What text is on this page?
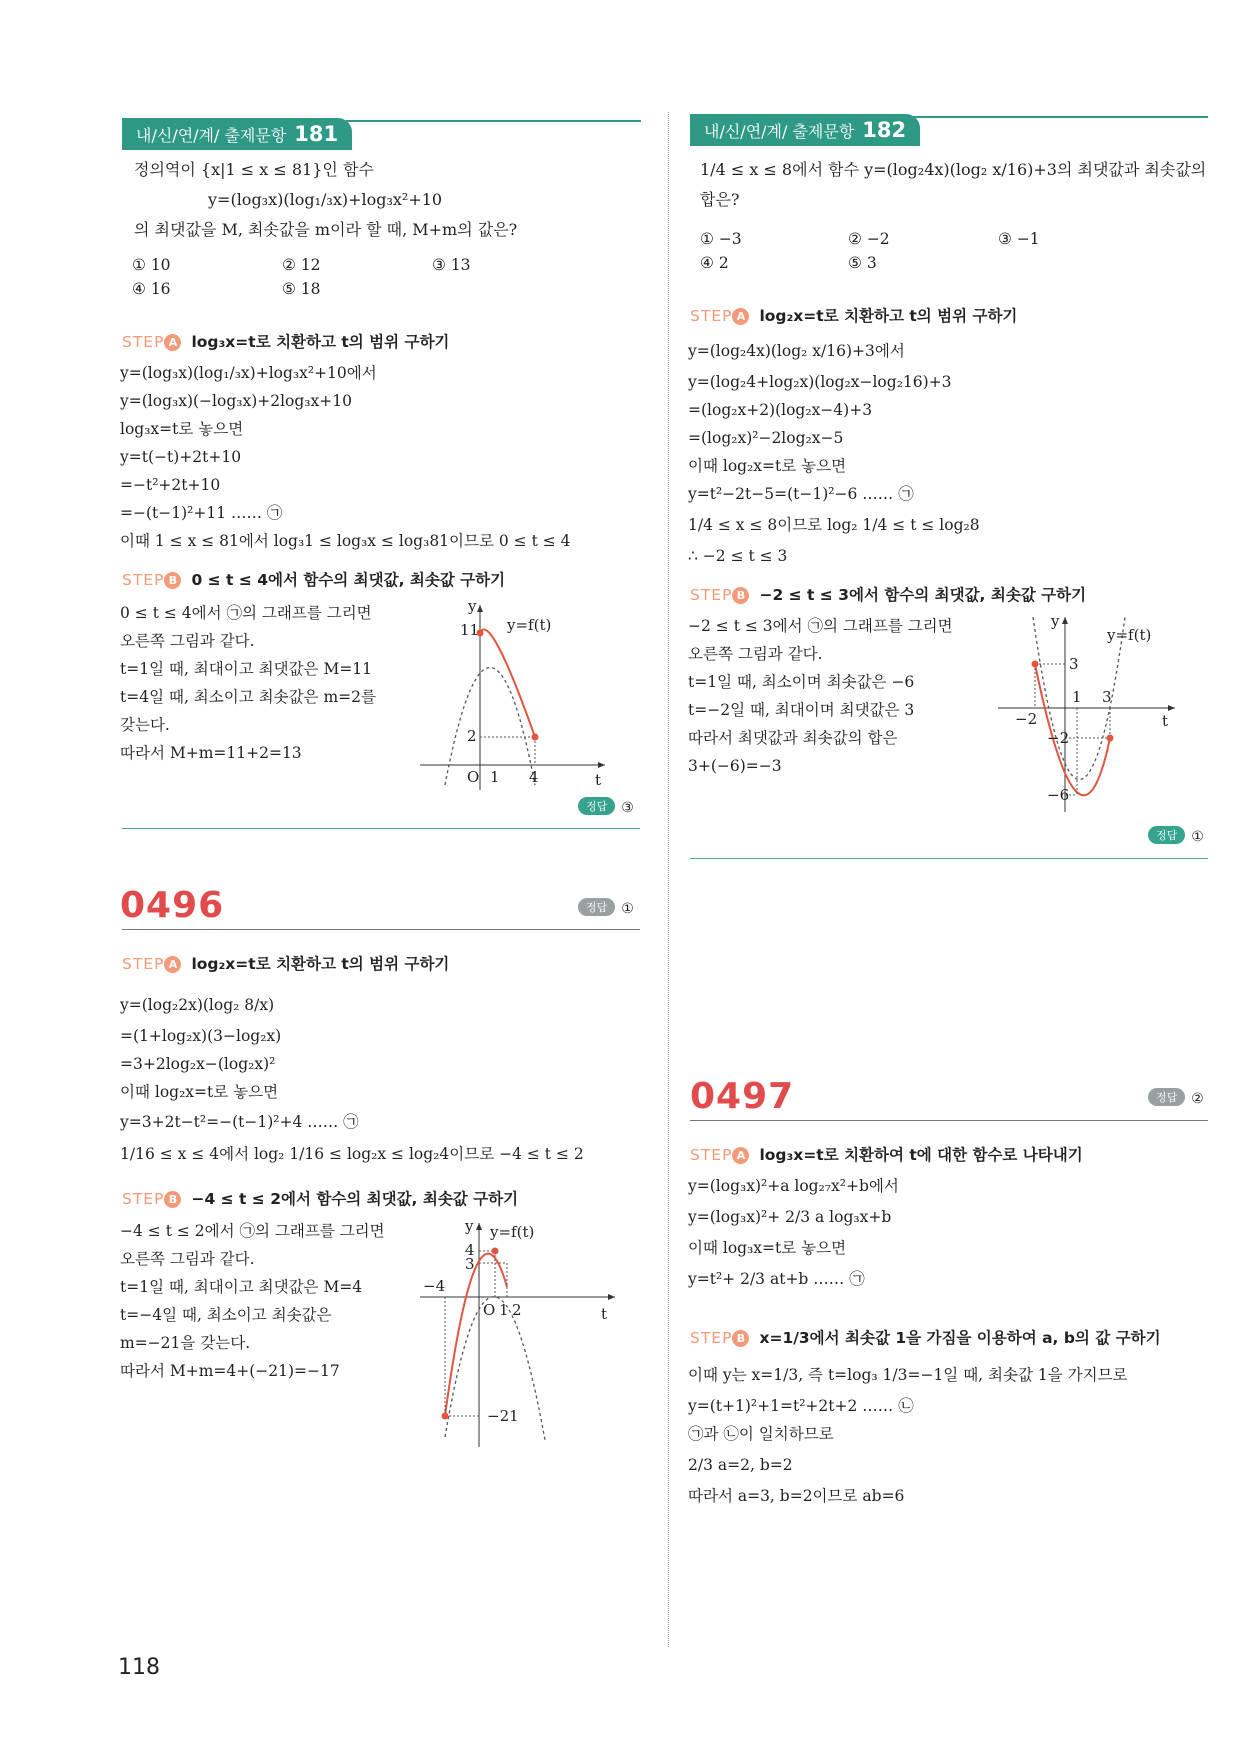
내/신/연/계/ 출제문항 181
정의역이 {x|1 ≤ x ≤ 81}인 함수
y=(log₃x)(log₁/₃x)+log₃x²+10
의 최댓값을 M, 최솟값을 m이라 할 때, M+m의 값은?
① 10	② 12	③ 13
④ 16	⑤ 18
STEP A log₃x=t로 치환하고 t의 범위 구하기
y=(log₃x)(log₁/₃x)+log₃x²+10에서
y=(log₃x)(−log₃x)+2log₃x+10
log₃x=t로 놓으면
y=t(−t)+2t+10
=−t²+2t+10
=−(t−1)²+11 …… ㉠
이때 1 ≤ x ≤ 81에서 log₃1 ≤ log₃x ≤ log₃81이므로 0 ≤ t ≤ 4
STEP B 0 ≤ t ≤ 4에서 함수의 최댓값, 최솟값 구하기
0 ≤ t ≤ 4에서 ㉠의 그래프를 그리면
오른쪽 그림과 같다.
t=1일 때, 최대이고 최댓값은 M=11
t=4일 때, 최소이고 최솟값은 m=2를
갖는다.
따라서 M+m=11+2=13
y
11
2
y=f(t)
O 1 4	t
정답 ③
0496	정답 ①
STEP A log₂x=t로 치환하고 t의 범위 구하기
y=(log₂2x)(log₂ 8/x)
=(1+log₂x)(3−log₂x)
=3+2log₂x−(log₂x)²
이때 log₂x=t로 놓으면
y=3+2t−t²=−(t−1)²+4 …… ㉠
1/16 ≤ x ≤ 4에서 log₂ 1/16 ≤ log₂x ≤ log₂4이므로 −4 ≤ t ≤ 2
STEP B −4 ≤ t ≤ 2에서 함수의 최댓값, 최솟값 구하기
−4 ≤ t ≤ 2에서 ㉠의 그래프를 그리면
오른쪽 그림과 같다.
t=1일 때, 최대이고 최댓값은 M=4
t=−4일 때, 최소이고 최솟값은
m=−21을 갖는다.
따라서 M+m=4+(−21)=−17
y
4
3
y=f(t)
−4
O 1 2	t
−21
118
내/신/연/계/ 출제문항 182
1/4 ≤ x ≤ 8에서 함수 y=(log₂4x)(log₂ x/16)+3의 최댓값과 최솟값의
합은?
① −3	② −2	③ −1
④ 2	⑤ 3
STEP A log₂x=t로 치환하고 t의 범위 구하기
y=(log₂4x)(log₂ x/16)+3에서
y=(log₂4+log₂x)(log₂x−log₂16)+3
=(log₂x+2)(log₂x−4)+3
=(log₂x)²−2log₂x−5
이때 log₂x=t로 놓으면
y=t²−2t−5=(t−1)²−6 …… ㉠
1/4 ≤ x ≤ 8이므로 log₂ 1/4 ≤ t ≤ log₂8
∴ −2 ≤ t ≤ 3
STEP B −2 ≤ t ≤ 3에서 함수의 최댓값, 최솟값 구하기
−2 ≤ t ≤ 3에서 ㉠의 그래프를 그리면
오른쪽 그림과 같다.
t=1일 때, 최소이며 최솟값은 −6
t=−2일 때, 최대이며 최댓값은 3
따라서 최댓값과 최솟값의 합은
3+(−6)=−3
y
y=f(t)
3
−2
1 3
t
−2
−6
정답 ①
0497	정답 ②
STEP A log₃x=t로 치환하여 t에 대한 함수로 나타내기
y=(log₃x)²+a log₂₇x²+b에서
y=(log₃x)²+ 2/3 a log₃x+b
이때 log₃x=t로 놓으면
y=t²+ 2/3 at+b …… ㉠
STEP B x=1/3에서 최솟값 1을 가짐을 이용하여 a, b의 값 구하기
이때 y는 x=1/3, 즉 t=log₃ 1/3=−1일 때, 최솟값 1을 가지므로
y=(t+1)²+1=t²+2t+2 …… ㉡
㉠과 ㉡이 일치하므로
2/3 a=2, b=2
따라서 a=3, b=2이므로 ab=6
